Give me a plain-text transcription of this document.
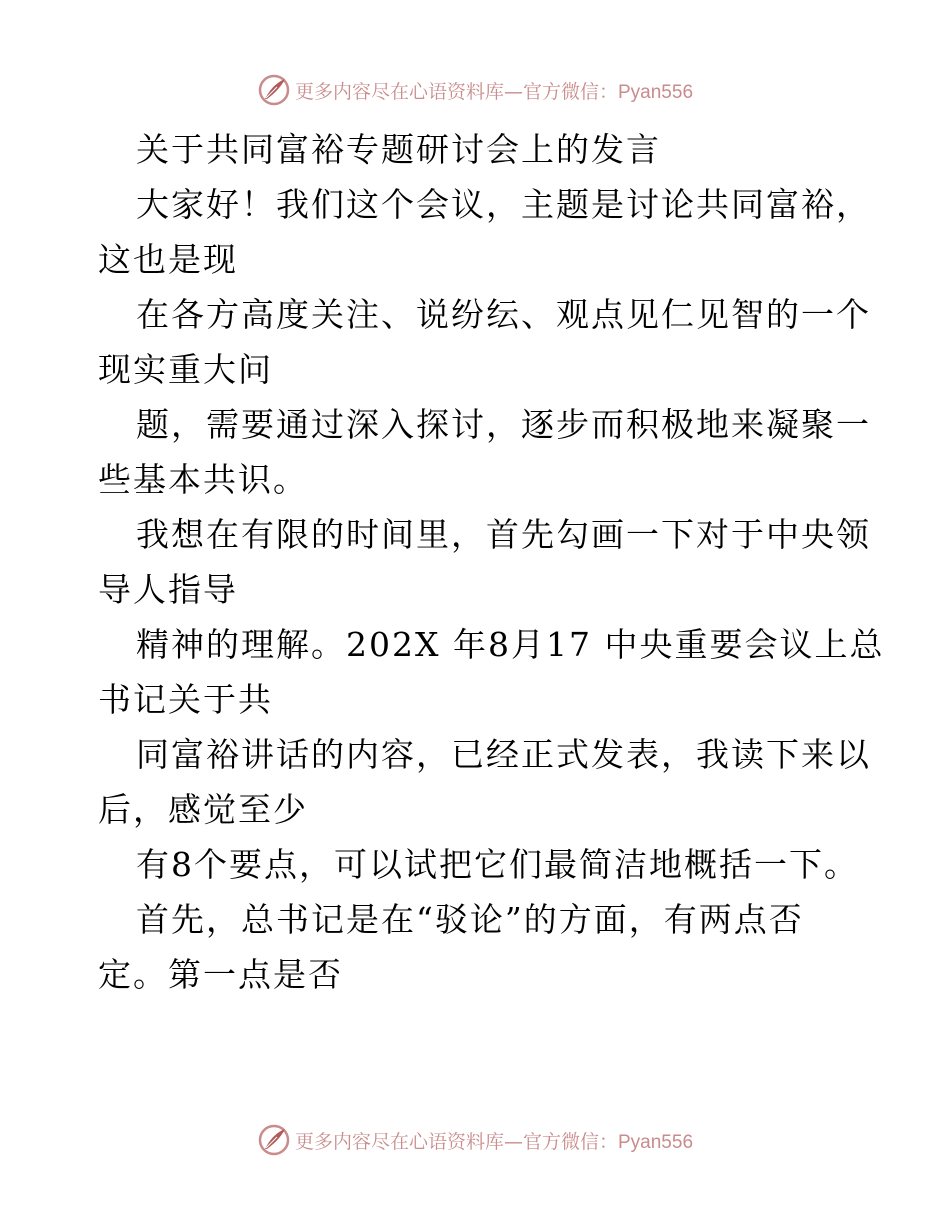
更多内容尽在心语资料库—官方微信：Pyan556

关于共同富裕专题研讨会上的发言

大家好！我们这个会议，主题是讨论共同富裕，
这也是现

在各方高度关注、说纷纭、观点见仁见智的一个
现实重大问

题，需要通过深入探讨，逐步而积极地来凝聚一
些基本共识。

我想在有限的时间里，首先勾画一下对于中央领
导人指导

精神的理解。202X 年8月17 中央重要会议上总
书记关于共

同富裕讲话的内容，已经正式发表，我读下来以
后，感觉至少

有8个要点，可以试把它们最简洁地概括一下。

首先，总书记是在“驳论”的方面，有两点否
定。第一点是否

更多内容尽在心语资料库—官方微信：Pyan556
